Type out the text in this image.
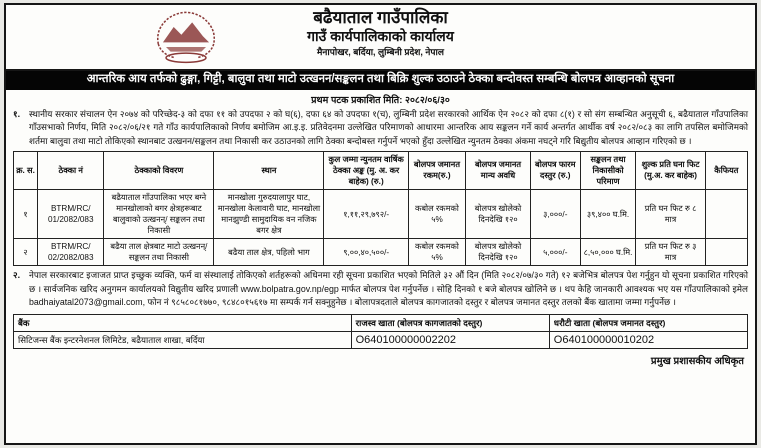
बढैयाताल गाउँपालिका
गाउँ कार्यपालिकाको कार्यालय
मैनापोखर, बर्दिया, लुम्बिनी प्रदेश, नेपाल
आन्तरिक आय तर्फको ढुङ्गा, गिट्टी, बालुवा तथा माटो उत्खनन/सङ्कलन तथा बिक्रि शुल्क उठाउने ठेक्का बन्दोवस्त सम्बन्धि बोलपत्र आव्हानको सूचना
प्रथम पटक प्रकाशित मिति: २०८२/०६/३०
१.	स्थानीय सरकार संचालन ऐन २०७४ को परिच्छेद-३ को दफा ११ को उपदफा २ को घ(६), दफा ६४ को उपदफा १(च), लुम्बिनी प्रदेश सरकारको आर्थिक ऐन २०८२ को दफा ८(१) र सो संग सम्बन्धित अनुसूची ६, बढैयाताल गाँउपालिका गाँउसभाको निर्णय, मिति २०८२/०६/२१ गते गाँउ कार्यपालिकाको निर्णय बमोजिम आ.इ.इ. प्रतिवेदनमा उल्लेखित परिमाणको आधारमा आन्तरिक आय सङ्कलन गर्ने कार्य अन्तर्गत आर्थीक वर्ष २०८२/०८३ का लागि तपसिल बमोजिमको शर्तमा बालुवा तथा माटो तोकिएको स्थानबाट उत्खनन/सङ्कलन तथा निकासी कर उठाउनको लागि ठेक्का बन्दोबस्त गर्नुपर्ने भएको हुँदा उल्लेखित न्युनतम ठेक्का अंकमा नघट्ने गरि बिद्युतीय बोलपत्र आव्हान गरिएको छ ।
क्र. स.	ठेक्का नं	ठेक्काको विवरण	स्थान	कुल जम्मा न्युनतम वार्षिक ठेक्का अङ्क (मु. अ. कर बाहेक) (रु.)	बोलपत्र जमानत रकम(रु.)	बोलपत्र जमानत मान्य अवधि	बोलपत्र फारम दस्तुर (रु.)	सङ्कलन तथा निकासीको परिमाण	शुल्क प्रति घना फिट (मु.अ. कर बाहेक)	कैफियत
१	BTRM/RC/ 01/2082/083	बढैयाताल गाँउपालिका भएर बग्ने मानखोलाको बगर क्षेत्रहरूबाट बालुवाको उत्खनन्/ सङ्कलन तथा निकासी	मानखोला गुरुदयालापुर घाट, मानखोला केलावारी घाट, मानखोला मानझुण्डी सामुदायिक वन नजिक बगर क्षेत्र	१,११,२९,७९२/-	कबोल रकमको ५%	बोलपत्र खोलेको दिनदेखि १२०	३,०००/-	३९,४०० घ.मि.	प्रति घन फिट रु ८ मात्र	
२	BTRM/RC/ 02/2082/083	बढैया ताल क्षेत्रबाट माटो उत्खनन्/सङ्कलन तथा निकासी	बढैया ताल क्षेत्र, पहिलो भाग	९,००,४०,५००/-	कबोल रकमको ५%	बोलपत्र खोलेको दिनदेखि १२०	५,०००/-	८,५०,००० घ.मि.	प्रति घन फिट रु ३ मात्र	
२.	नेपाल सरकारबाट इजाजत प्राप्त इच्छुक व्यक्ति, फर्म वा संस्थालाई तोकिएको शर्तहरूको अधिनमा रही सूचना प्रकाशित भएको मितिले ३२ औं दिन (मिति २०८२/०७/३० गते) १२ बजेभित्र बोलपत्र पेश गर्नुहुन यो सूचना प्रकाशित गरिएको छ । सार्वजनिक खरिद अनुगमन कार्यालयको विद्युतीय खरिद प्रणाली www.bolpatra.gov.np/egp मार्फत बोलपत्र पेश गर्नुपर्नेछ । सोहि दिनको १ बजे बोलपत्र खोलिने छ । थप केहि जानकारी आवश्यक भए यस गाँउपालिकाको इमेल badhaiyatal2073@gmail.com, फोन नं ९८५८०८१७७०, ९८४८०१५६१७ मा सम्पर्क गर्न सक्नुहुनेछ । बोलापत्रदताले बोलपत्र कागजातको दस्तुर र बोलपत्र जमानत दस्तुर तलको बैंक खातामा जम्मा गर्नुपर्नेछ ।
बैंक	राजस्व खाता (बोलपत्र कागजातको दस्तुर)	धरौटी खाता (बोलपत्र जमानत दस्तुर)
सिटिजन्स बैंक इन्टरनेशनल लिमिटेड, बढैयाताल शाखा, बर्दिया	O640100000002202	O640100000010202
प्रमुख प्रशासकीय अधिकृत
